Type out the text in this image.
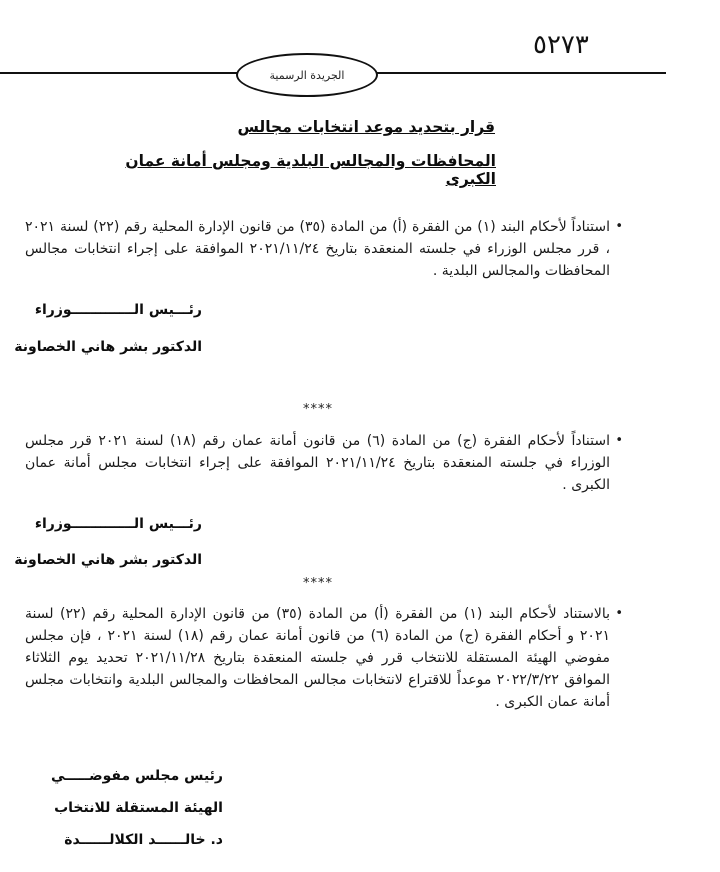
٥٢٧٣
الجريدة الرسمية
قرار بتحديد موعد انتخابات مجالس
المحافظات والمجالس البلدية ومجلس أمانة عمان الكبرى
•
استناداً لأحكام البند (١) من الفقرة (أ) من المادة (٣٥) من قانون الإدارة المحلية رقم (٢٢) لسنة ٢٠٢١ ، قرر مجلس الوزراء في جلسته المنعقدة بتاريخ ٢٠٢١/١١/٢٤ الموافقة على إجراء انتخابات مجالس المحافظات والمجالس البلدية .
رئـــيس الـــــــــــــوزراء
الدكتور بشر هاني الخصاونة
****
•
استناداً لأحكام الفقرة (ج) من المادة (٦) من قانون أمانة عمان رقم (١٨) لسنة ٢٠٢١ قرر مجلس الوزراء في جلسته المنعقدة بتاريخ ٢٠٢١/١١/٢٤ الموافقة على إجراء انتخابات مجلس أمانة عمان الكبرى .
رئـــيس الـــــــــــــوزراء
الدكتور بشر هاني الخصاونة
****
•
بالاستناد لأحكام البند (١) من الفقرة (أ) من المادة (٣٥) من قانون الإدارة المحلية رقم (٢٢) لسنة ٢٠٢١ و أحكام الفقرة (ج) من المادة (٦) من قانون أمانة عمان رقم (١٨) لسنة ٢٠٢١ ، فإن مجلس مفوضي الهيئة المستقلة للانتخاب قرر في جلسته المنعقدة بتاريخ ٢٠٢١/١١/٢٨ تحديد يوم الثلاثاء الموافق ٢٠٢٢/٣/٢٢ موعداً للاقتراع لانتخابات مجالس المحافظات والمجالس البلدية وانتخابات مجلس أمانة عمان الكبرى .
رئيس مجلس مفوضـــــي
الهيئة المستقلة للانتخاب
د. خالــــــد الكلالــــــدة
